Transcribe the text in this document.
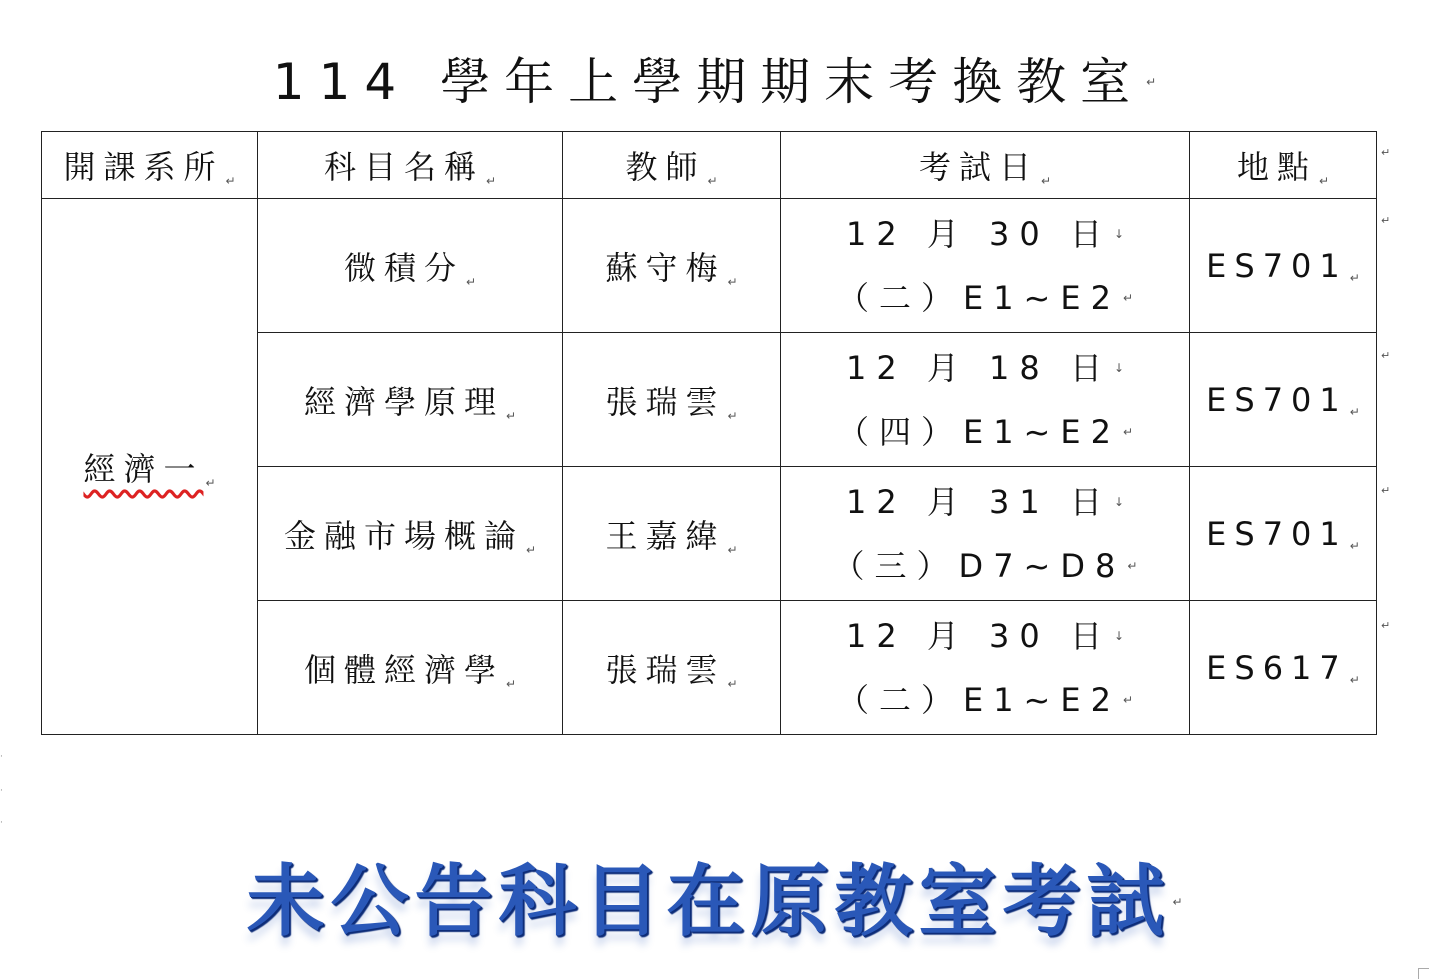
114 學年上學期期末考換教室 ↵
開課系所 ↵	科目名稱 ↵	教師 ↵	考試日 ↵	地點 ↵
經濟一 ↵	微積分 ↵	蘇守梅 ↵	12 月 30 日 ↓
（二）E1~E2 ↵	ES701 ↵
	經濟學原理 ↵	張瑞雲 ↵	12 月 18 日 ↓
（四）E1~E2 ↵	ES701 ↵
	金融市場概論 ↵	王嘉緯 ↵	12 月 31 日 ↓
（三）D7~D8 ↵	ES701 ↵
	個體經濟學 ↵	張瑞雲 ↵	12 月 30 日 ↓
（二）E1~E2 ↵	ES617 ↵
↵
↵
↵
↵
↵
·
·
·
未公告科目在原教室考試 ↵
